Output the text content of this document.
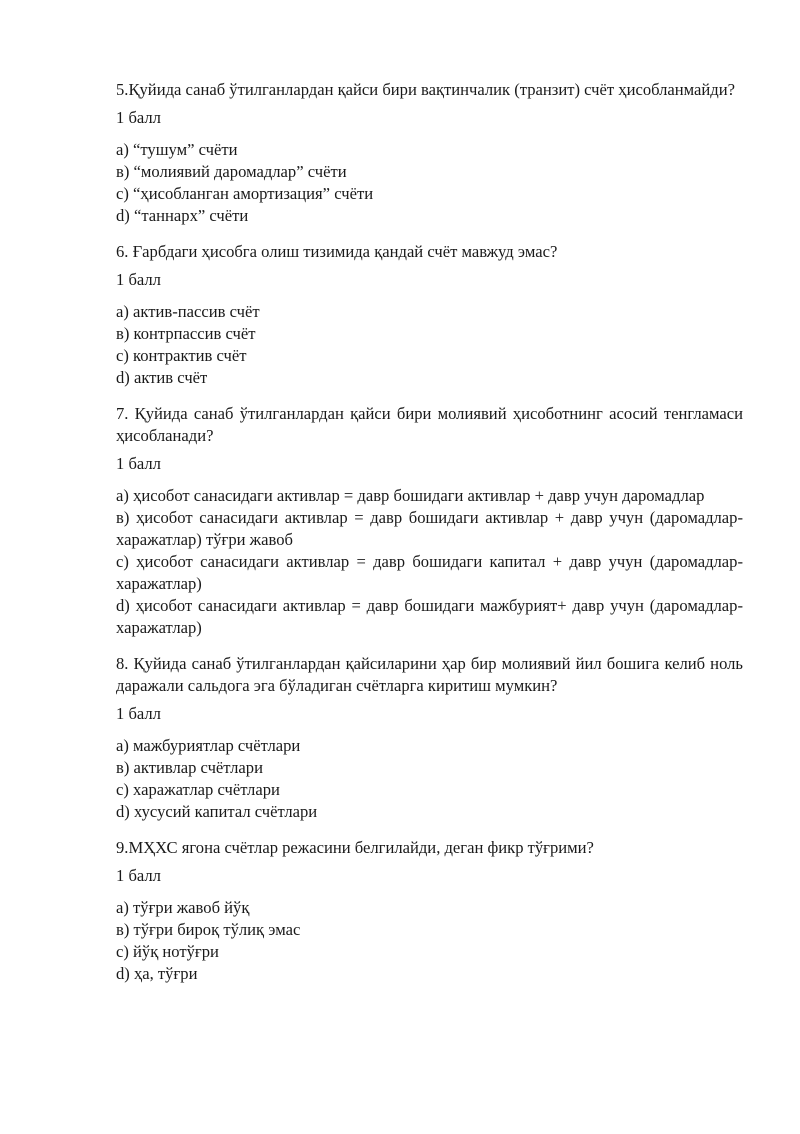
5.Қуйида санаб ўтилганлардан қайси бири вақтинчалик (транзит) счёт ҳисобланмайди?

1 балл

а) “тушум” счёти

в) “молиявий даромадлар” счёти

с) “ҳисобланган амортизация” счёти

d) “таннарх” счёти

6. Ғарбдаги ҳисобга олиш тизимида қандай счёт мавжуд эмас?

1 балл

а) актив-пассив счёт

в) контрпассив счёт

с) контрактив счёт

d) актив счёт

7. Қуйида санаб ўтилганлардан қайси бири молиявий ҳисоботнинг асосий тенгламаси ҳисобланади?

1 балл

а) ҳисобот санасидаги активлар = давр бошидаги активлар + давр учун даромадлар

в) ҳисобот санасидаги активлар = давр бошидаги активлар + давр учун (даромадлар-харажатлар) тўғри жавоб

с) ҳисобот санасидаги активлар = давр бошидаги капитал + давр учун (даромадлар-харажатлар)

d) ҳисобот санасидаги активлар = давр бошидаги мажбурият+ давр учун (даромадлар-харажатлар)

8. Қуйида санаб ўтилганлардан қайсиларини ҳар бир молиявий йил бошига келиб ноль даражали сальдога эга бўладиган счётларга киритиш мумкин?

1 балл

а) мажбуриятлар счётлари

в) активлар счётлари

с) харажатлар счётлари

d) хусусий капитал счётлари

9.МҲХС ягона счётлар режасини белгилайди, деган фикр тўғрими?

1 балл

а) тўғри жавоб йўқ

в) тўғри бироқ тўлиқ эмас

с) йўқ нотўғри

d) ҳа, тўғри
